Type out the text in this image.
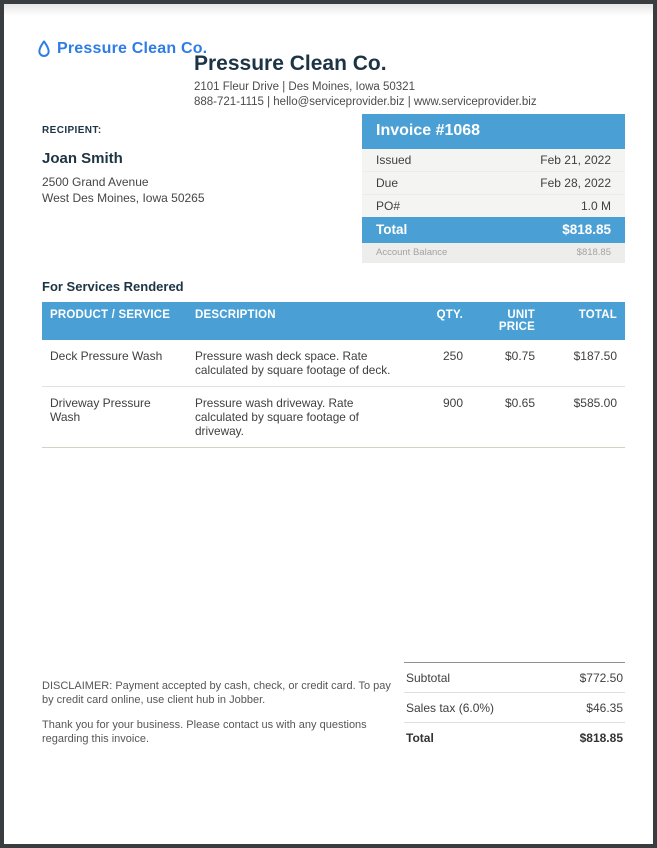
Pressure Clean Co.
Pressure Clean Co.
2101 Fleur Drive | Des Moines, Iowa 50321
888-721-1115 | hello@serviceprovider.biz | www.serviceprovider.biz
RECIPIENT:
Joan Smith
2500 Grand Avenue
West Des Moines, Iowa 50265
Invoice #1068
Issued	Feb 21, 2022
Due	Feb 28, 2022
PO#	1.0 M
Total	$818.85
Account Balance	$818.85
For Services Rendered
PRODUCT / SERVICE	DESCRIPTION	QTY.	UNIT PRICE	TOTAL
Deck Pressure Wash	Pressure wash deck space. Rate calculated by square footage of deck.	250	$0.75	$187.50
Driveway Pressure Wash	Pressure wash driveway. Rate calculated by square footage of driveway.	900	$0.65	$585.00

DISCLAIMER: Payment accepted by cash, check, or credit card. To pay by credit card online, use client hub in Jobber.

Thank you for your business. Please contact us with any questions regarding this invoice.

Subtotal	$772.50
Sales tax (6.0%)	$46.35
Total	$818.85
